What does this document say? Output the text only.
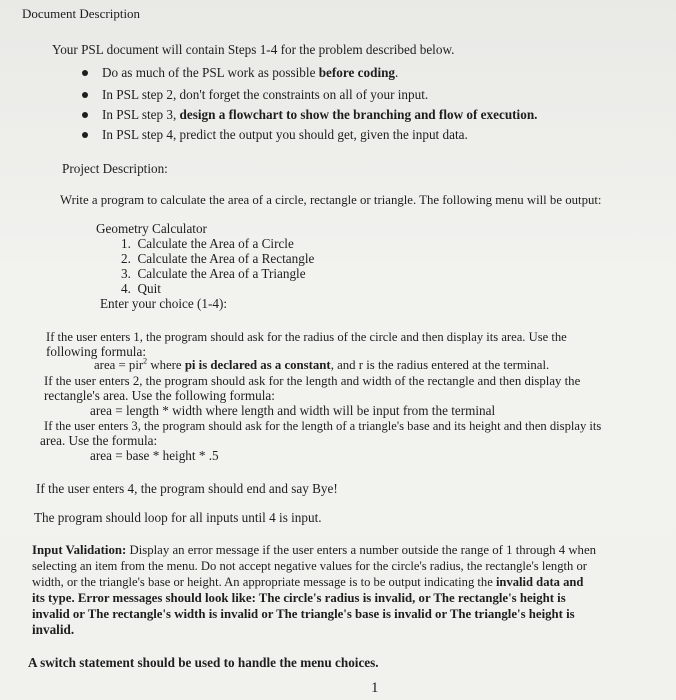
Document Description
Your PSL document will contain Steps 1-4 for the problem described below.
Do as much of the PSL work as possible before coding.
In PSL step 2, don't forget the constraints on all of your input.
In PSL step 3, design a flowchart to show the branching and flow of execution.
In PSL step 4, predict the output you should get, given the input data.
Project Description:
Write a program to calculate the area of a circle, rectangle or triangle. The following menu will be output:
Geometry Calculator
1. Calculate the Area of a Circle
2. Calculate the Area of a Rectangle
3. Calculate the Area of a Triangle
4. Quit
Enter your choice (1-4):
If the user enters 1, the program should ask for the radius of the circle and then display its area. Use the
following formula:
area = pir$^2$ where pi is declared as a constant, and r is the radius entered at the terminal.
If the user enters 2, the program should ask for the length and width of the rectangle and then display the
rectangle's area. Use the following formula:
area = length * width where length and width will be input from the terminal
If the user enters 3, the program should ask for the length of a triangle's base and its height and then display its
area. Use the formula:
area = base * height * .5
If the user enters 4, the program should end and say Bye!
The program should loop for all inputs until 4 is input.
Input Validation: Display an error message if the user enters a number outside the range of 1 through 4 when
selecting an item from the menu. Do not accept negative values for the circle's radius, the rectangle's length or
width, or the triangle's base or height. An appropriate message is to be output indicating the invalid data and
its type. Error messages should look like: The circle's radius is invalid, or The rectangle's height is
invalid or The rectangle's width is invalid or The triangle's base is invalid or The triangle's height is
invalid.
A switch statement should be used to handle the menu choices.
1
